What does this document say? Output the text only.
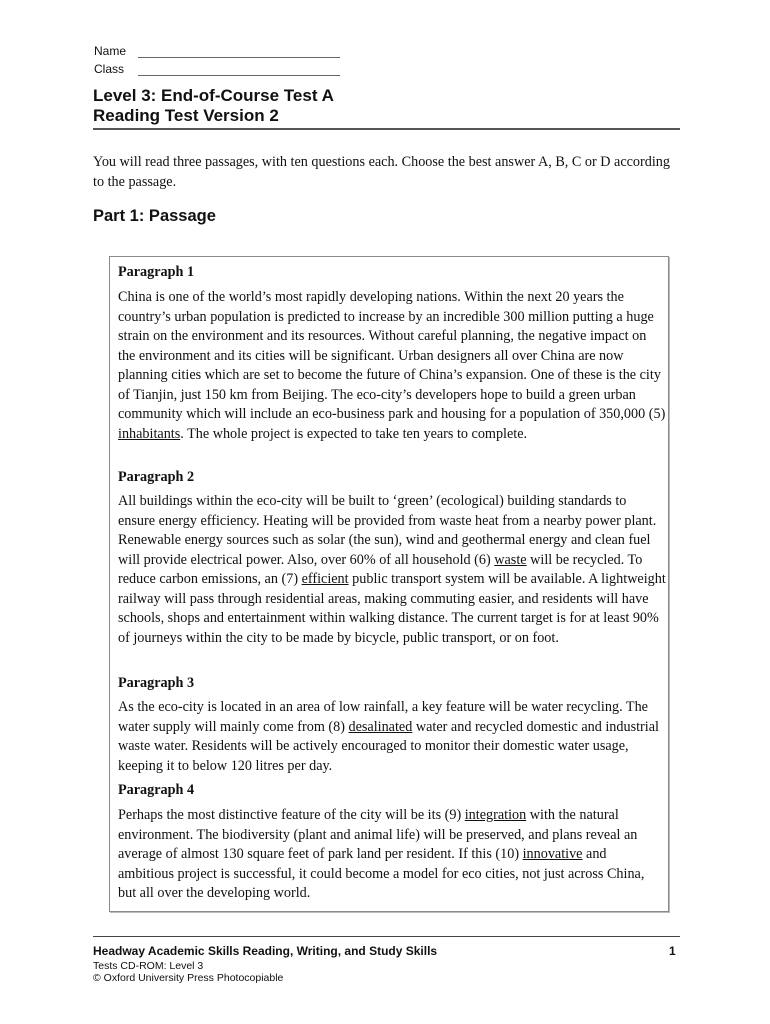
Name
Class
Level 3: End-of-Course Test A
Reading Test Version 2
You will read three passages, with ten questions each. Choose the best answer A, B, C or D according to the passage.
Part 1: Passage
Paragraph 1

China is one of the world’s most rapidly developing nations. Within the next 20 years the country’s urban population is predicted to increase by an incredible 300 million putting a huge strain on the environment and its resources. Without careful planning, the negative impact on the environment and its cities will be significant. Urban designers all over China are now planning cities which are set to become the future of China’s expansion. One of these is the city of Tianjin, just 150 km from Beijing. The eco-city’s developers hope to build a green urban community which will include an eco-business park and housing for a population of 350,000 (5) inhabitants. The whole project is expected to take ten years to complete.

Paragraph 2

All buildings within the eco-city will be built to ‘green’ (ecological) building standards to ensure energy efficiency. Heating will be provided from waste heat from a nearby power plant. Renewable energy sources such as solar (the sun), wind and geothermal energy and clean fuel will provide electrical power. Also, over 60% of all household (6) waste will be recycled. To reduce carbon emissions, an (7) efficient public transport system will be available. A lightweight railway will pass through residential areas, making commuting easier, and residents will have schools, shops and entertainment within walking distance. The current target is for at least 90% of journeys within the city to be made by bicycle, public transport, or on foot.

Paragraph 3

As the eco-city is located in an area of low rainfall, a key feature will be water recycling. The water supply will mainly come from (8) desalinated water and recycled domestic and industrial waste water. Residents will be actively encouraged to monitor their domestic water usage, keeping it to below 120 litres per day.

Paragraph 4

Perhaps the most distinctive feature of the city will be its (9) integration with the natural environment. The biodiversity (plant and animal life) will be preserved, and plans reveal an average of almost 130 square feet of park land per resident. If this (10) innovative and ambitious project is successful, it could become a model for eco cities, not just across China, but all over the developing world.

Headway Academic Skills Reading, Writing, and Study Skills	1
Tests CD-ROM: Level 3
© Oxford University Press Photocopiable
